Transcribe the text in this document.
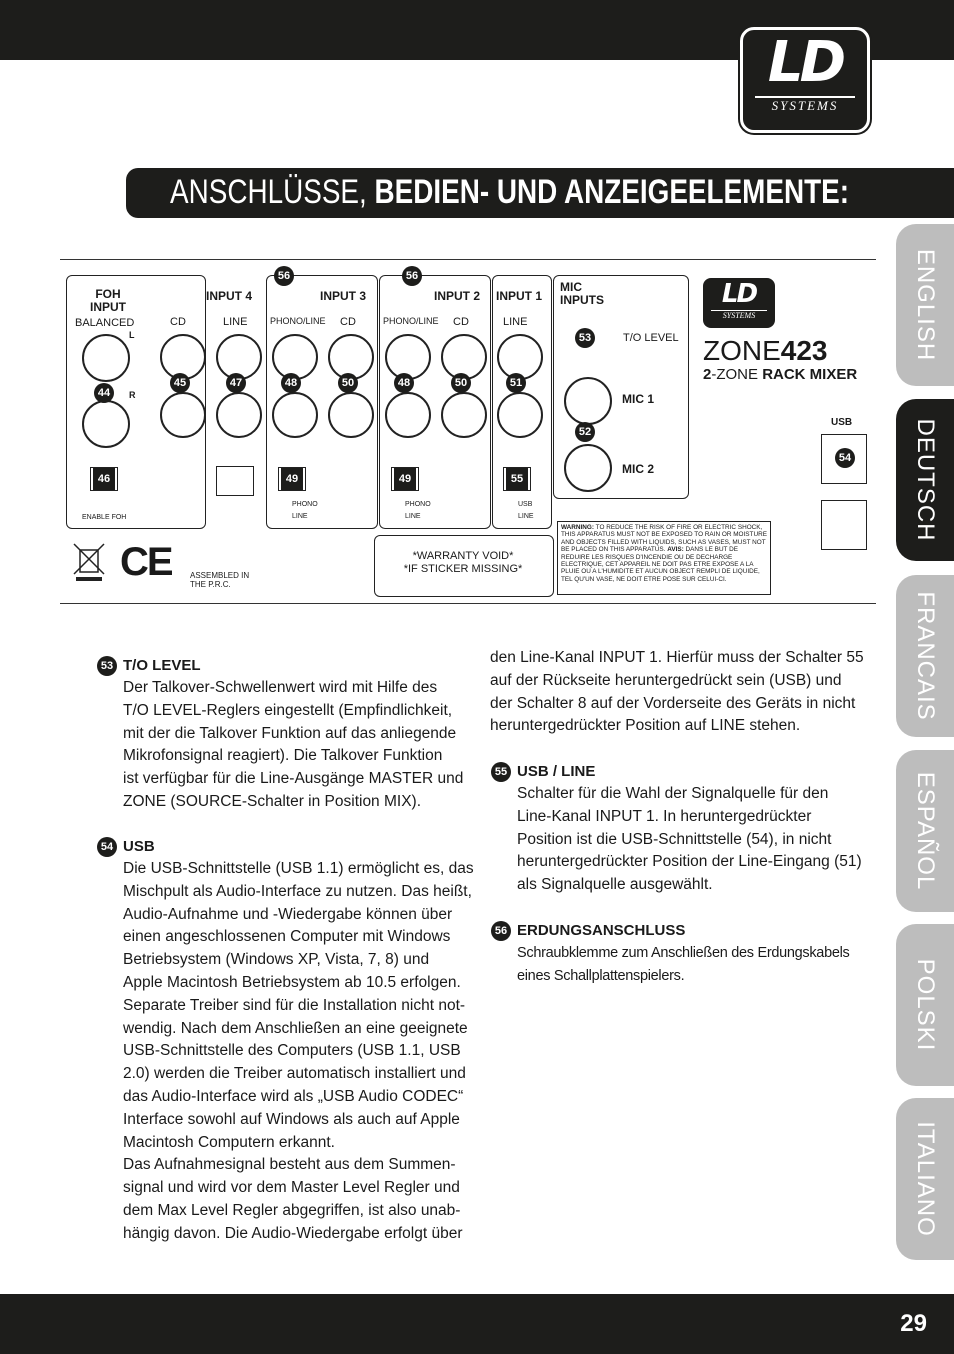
LD
SYSTEMS
ANSCHLÜSSE, BEDIEN- UND ANZEIGEELEMENTE:
ENGLISH
DEUTSCH
FRANCAIS
ESPAÑOL
POLSKI
ITALIANO
FOH
INPUT
BALANCED
44
L
R
46
ENABLE FOH
INPUT 4
CD	LINE
45	47
56
INPUT 3
PHONO/LINE CD
48	50
49
PHONO
LINE
56
INPUT 2
PHONO/LINE CD
48	50
49
PHONO
LINE
INPUT 1
LINE
51
55
USB
LINE
MIC
INPUTS
53	T/O LEVEL
MIC 1
52
MIC 2
LD
SYSTEMS
ZONE423
2-ZONE RACK MIXER
USB
54
CE ASSEMBLED IN
THE P.R.C.
*WARRANTY VOID*
*IF STICKER MISSING*
WARNING: TO REDUCE THE RISK OF FIRE OR ELECTRIC SHOCK, THIS APPARATUS MUST NOT BE EXPOSED TO RAIN OR MOISTURE AND OBJECTS FILLED WITH LIQUIDS, SUCH AS VASES, MUST NOT BE PLACED ON THIS APPARATUS. AVIS: DANS LE BUT DE REDUIRE LES RISQUES D'INCENDIE OU DE DECHARGE ELECTRIQUE, CET APPAREIL NE DOIT PAS ETRE EXPOSE A LA PLUIE OU A L'HUMIDITE ET AUCUN OBJECT REMPLI DE LIQUIDE, TEL QU'UN VASE, NE DOIT ETRE POSE SUR CELUI-CI.
53 T/O LEVEL
Der Talkover-Schwellenwert wird mit Hilfe des
T/O LEVEL-Reglers eingestellt (Empfindlichkeit,
mit der die Talkover Funktion auf das anliegende
Mikrofonsignal reagiert). Die Talkover Funktion
ist verfügbar für die Line-Ausgänge MASTER und
ZONE (SOURCE-Schalter in Position MIX).
54 USB
Die USB-Schnittstelle (USB 1.1) ermöglicht es, das
Mischpult als Audio-Interface zu nutzen. Das heißt,
Audio-Aufnahme und -Wiedergabe können über
einen angeschlossenen Computer mit Windows
Betriebsystem (Windows XP, Vista, 7, 8) und
Apple Macintosh Betriebsystem ab 10.5 erfolgen.
Separate Treiber sind für die Installation nicht not-
wendig. Nach dem Anschließen an eine geeignete
USB-Schnittstelle des Computers (USB 1.1, USB
2.0) werden die Treiber automatisch installiert und
das Audio-Interface wird als „USB Audio CODEC“
Interface sowohl auf Windows als auch auf Apple
Macintosh Computern erkannt.
Das Aufnahmesignal besteht aus dem Summen-
signal und wird vor dem Master Level Regler und
dem Max Level Regler abgegriffen, ist also unab-
hängig davon. Die Audio-Wiedergabe erfolgt über
den Line-Kanal INPUT 1. Hierfür muss der Schalter 55
auf der Rückseite heruntergedrückt sein (USB) und
der Schalter 8 auf der Vorderseite des Geräts in nicht
heruntergedrückter Position auf LINE stehen.
55 USB / LINE
Schalter für die Wahl der Signalquelle für den
Line-Kanal INPUT 1. In heruntergedrückter
Position ist die USB-Schnittstelle (54), in nicht
heruntergedrückter Position der Line-Eingang (51)
als Signalquelle ausgewählt.
56 ERDUNGSANSCHLUSS
Schraubklemme zum Anschließen des Erdungskabels
eines Schallplattenspielers.
29
